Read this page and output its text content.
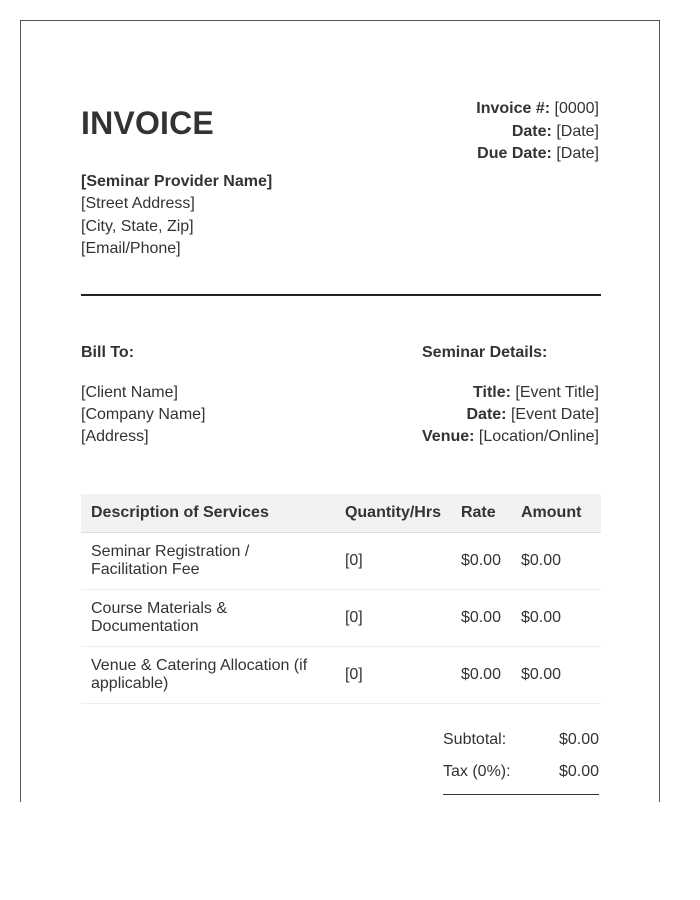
INVOICE	Invoice #: [0000]
Date: [Date]
Due Date: [Date]
[Seminar Provider Name]
[Street Address]
[City, State, Zip]
[Email/Phone]
Bill To:
[Client Name]
[Company Name]
[Address]
Seminar Details:
Title: [Event Title]
Date: [Event Date]
Venue: [Location/Online]
Description of Services	Quantity/Hrs	Rate	Amount
Seminar Registration / Facilitation Fee	[0]	$0.00	$0.00
Course Materials & Documentation	[0]	$0.00	$0.00
Venue & Catering Allocation (if applicable)	[0]	$0.00	$0.00
Subtotal:	$0.00
Tax (0%):	$0.00
